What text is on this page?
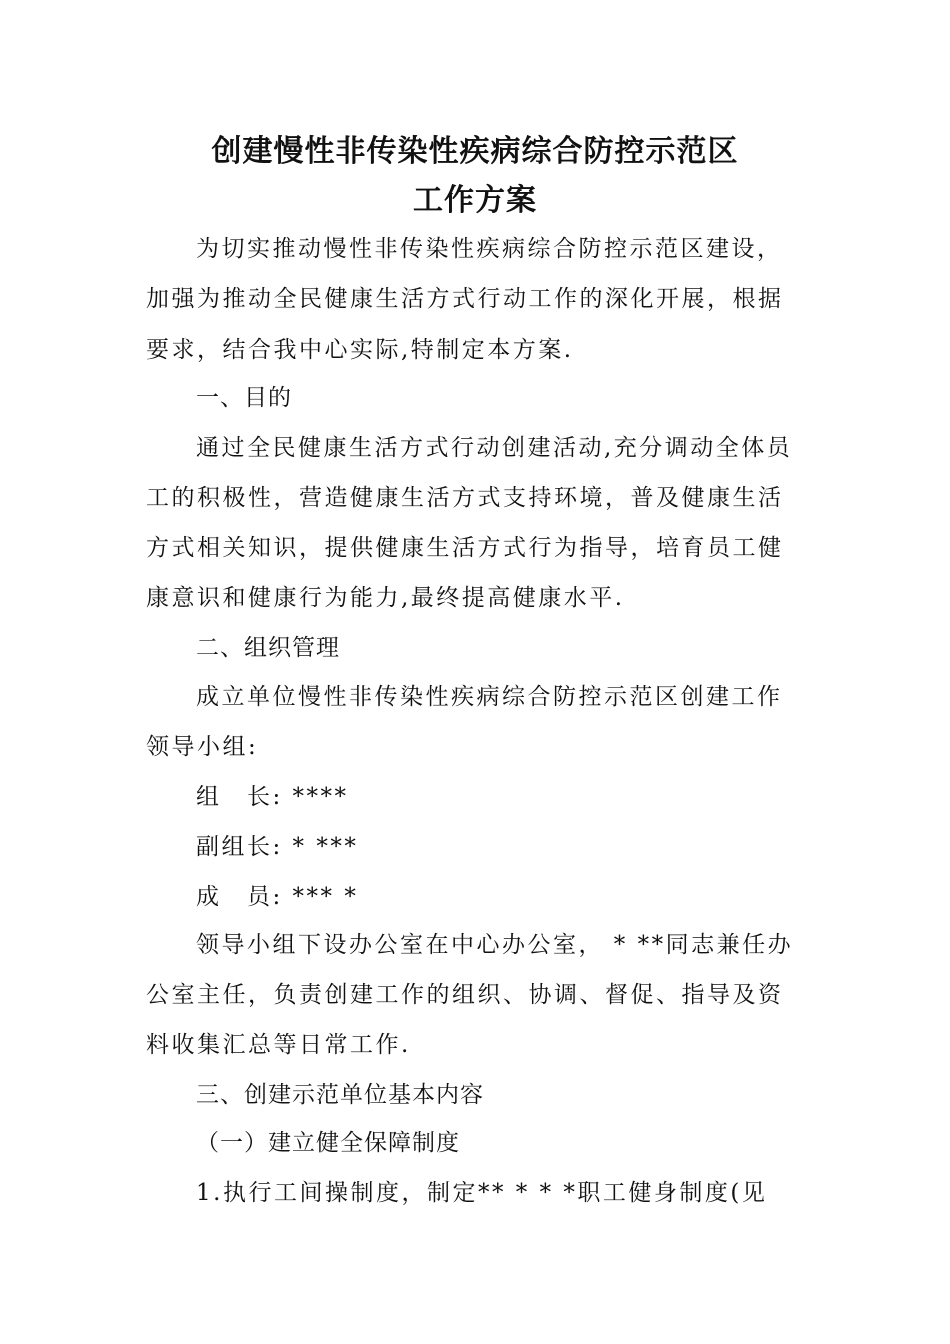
创建慢性非传染性疾病综合防控示范区
工作方案
为切实推动慢性非传染性疾病综合防控示范区建设，
加强为推动全民健康生活方式行动工作的深化开展，根据
要求，结合我中心实际,特制定本方案.
一、目的
通过全民健康生活方式行动创建活动,充分调动全体员
工的积极性，营造健康生活方式支持环境，普及健康生活
方式相关知识，提供健康生活方式行为指导，培育员工健
康意识和健康行为能力,最终提高健康水平.
二、组织管理
成立单位慢性非传染性疾病综合防控示范区创建工作
领导小组:
组　长: ****
副组长: * ***
成　员: *** *
领导小组下设办公室在中心办公室， * **同志兼任办
公室主任，负责创建工作的组织、协调、督促、指导及资
料收集汇总等日常工作.
三、创建示范单位基本内容
（一）建立健全保障制度
1.执行工间操制度，制定** * * *职工健身制度(见
